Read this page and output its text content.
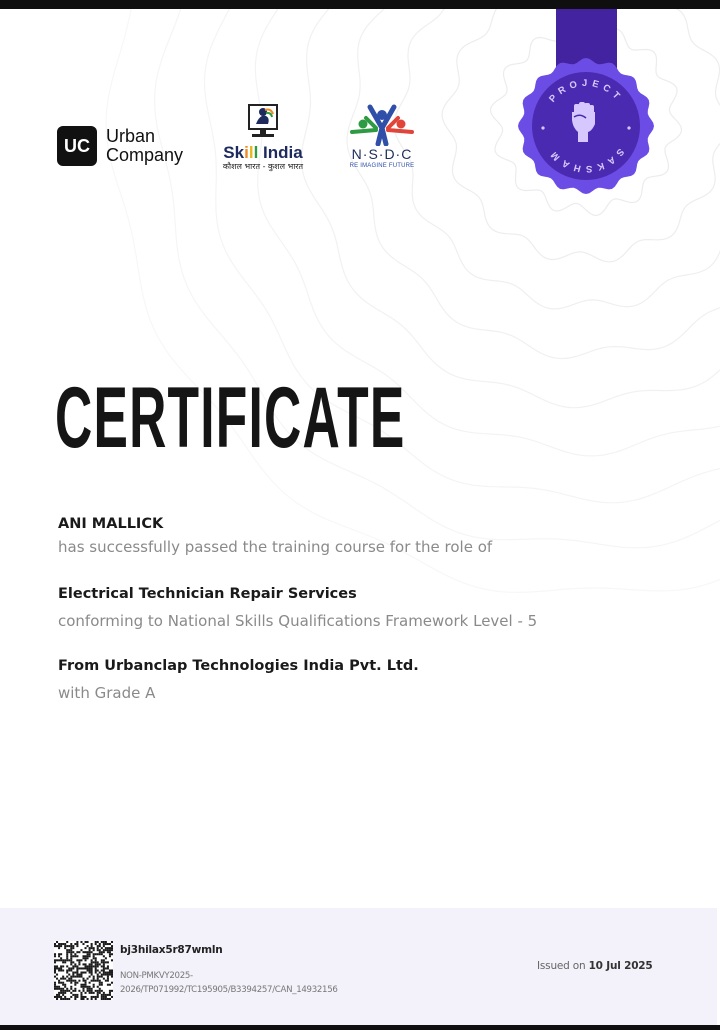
UC Urban
Company Skill India
कौशल भारत - कुशल भारत
N·S·D·C
RE IMAGINE FUTURE
PROJECT
SAKSHAM
CERTIFICATE
ANI MALLICK
has successfully passed the training course for the role of
Electrical Technician Repair Services
conforming to National Skills Qualifications Framework Level - 5
From Urbanclap Technologies India Pvt. Ltd.
with Grade A
bj3hilax5r87wmln
NON-PMKVY2025-
2026/TP071992/TC195905/B3394257/CAN_14932156
Issued on 10 Jul 2025
